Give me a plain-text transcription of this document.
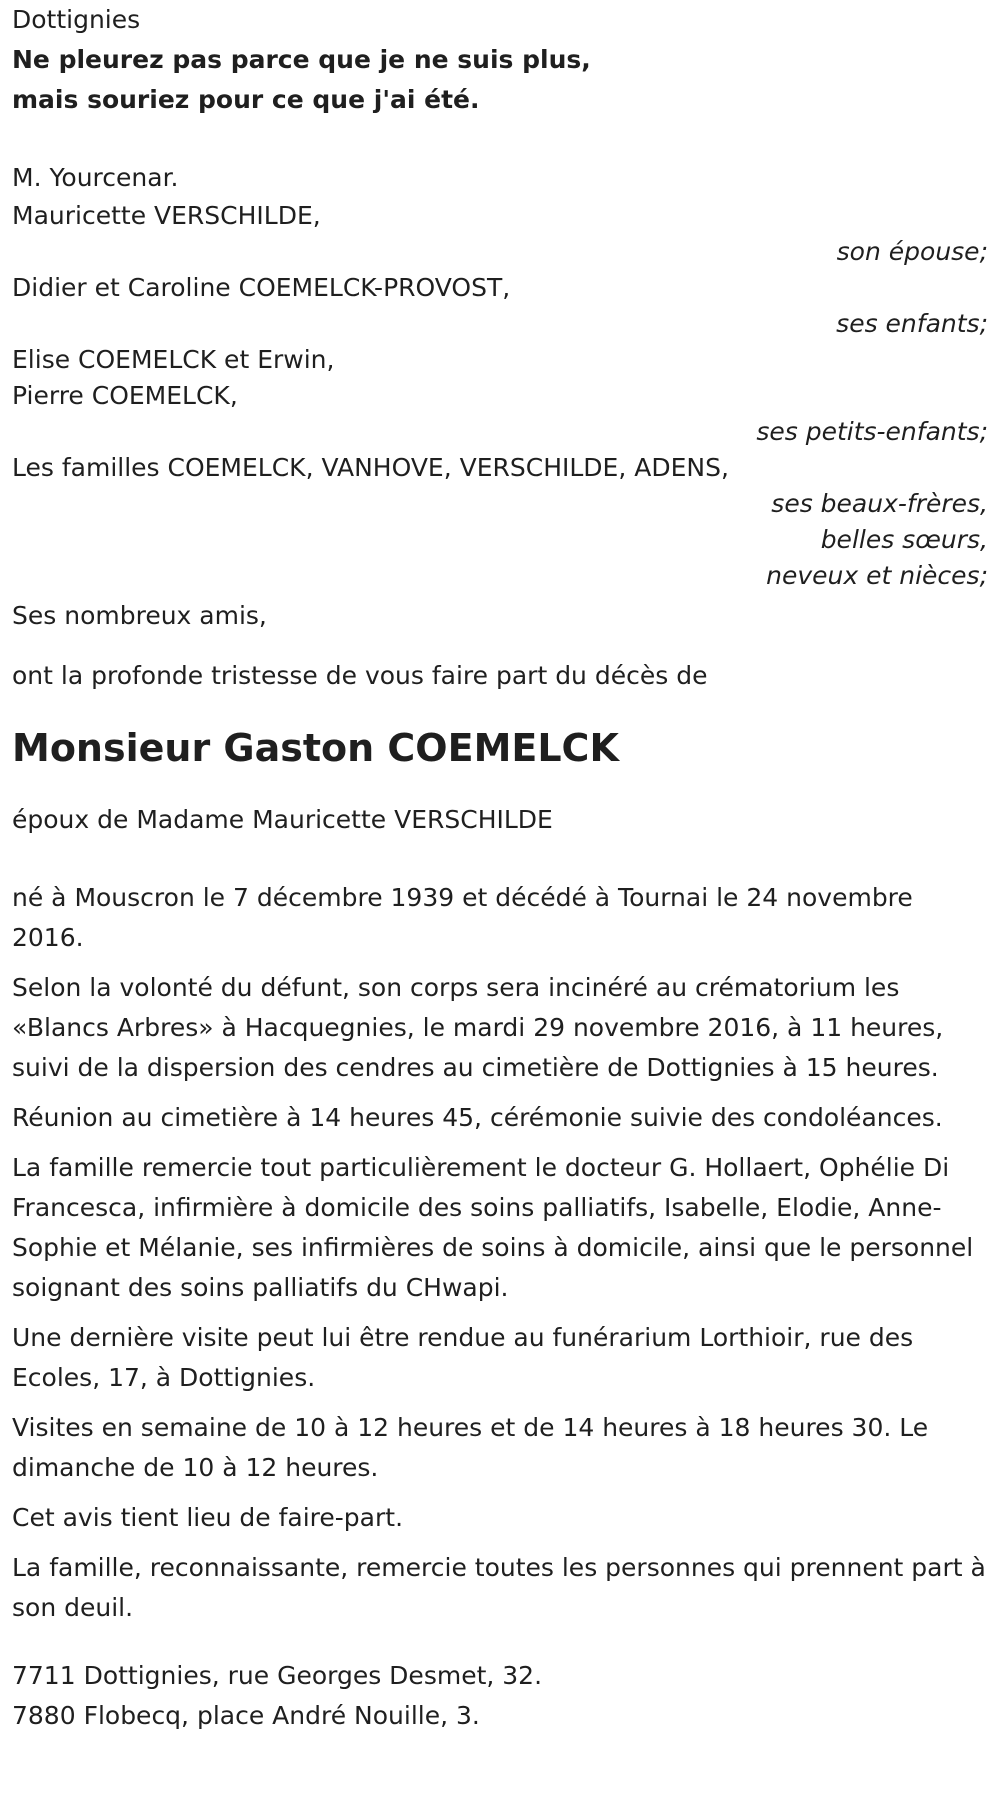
Dottignies

Ne pleurez pas parce que je ne suis plus,

mais souriez pour ce que j'ai été.

M. Yourcenar.

Mauricette VERSCHILDE,

son épouse;

Didier et Caroline COEMELCK-PROVOST,

ses enfants;

Elise COEMELCK et Erwin,

Pierre COEMELCK,

ses petits-enfants;

Les familles COEMELCK, VANHOVE, VERSCHILDE, ADENS,

ses beaux-frères,

belles sœurs,

neveux et nièces;

Ses nombreux amis,

ont la profonde tristesse de vous faire part du décès de

Monsieur Gaston COEMELCK

époux de Madame Mauricette VERSCHILDE

né à Mouscron le 7 décembre 1939 et décédé à Tournai le 24 novembre 2016.

Selon la volonté du défunt, son corps sera incinéré au crématorium les «Blancs Arbres» à Hacquegnies, le mardi 29 novembre 2016, à 11 heures, suivi de la dispersion des cendres au cimetière de Dottignies à 15 heures.

Réunion au cimetière à 14 heures 45, cérémonie suivie des condoléances.

La famille remercie tout particulièrement le docteur G. Hollaert, Ophélie Di Francesca, infirmière à domicile des soins palliatifs, Isabelle, Elodie, Anne-Sophie et Mélanie, ses infirmières de soins à domicile, ainsi que le personnel soignant des soins palliatifs du CHwapi.

Une dernière visite peut lui être rendue au funérarium Lorthioir, rue des Ecoles, 17, à Dottignies.

Visites en semaine de 10 à 12 heures et de 14 heures à 18 heures 30. Le dimanche de 10 à 12 heures.

Cet avis tient lieu de faire-part.

La famille, reconnaissante, remercie toutes les personnes qui prennent part à son deuil.

7711 Dottignies, rue Georges Desmet, 32.

7880 Flobecq, place André Nouille, 3.
